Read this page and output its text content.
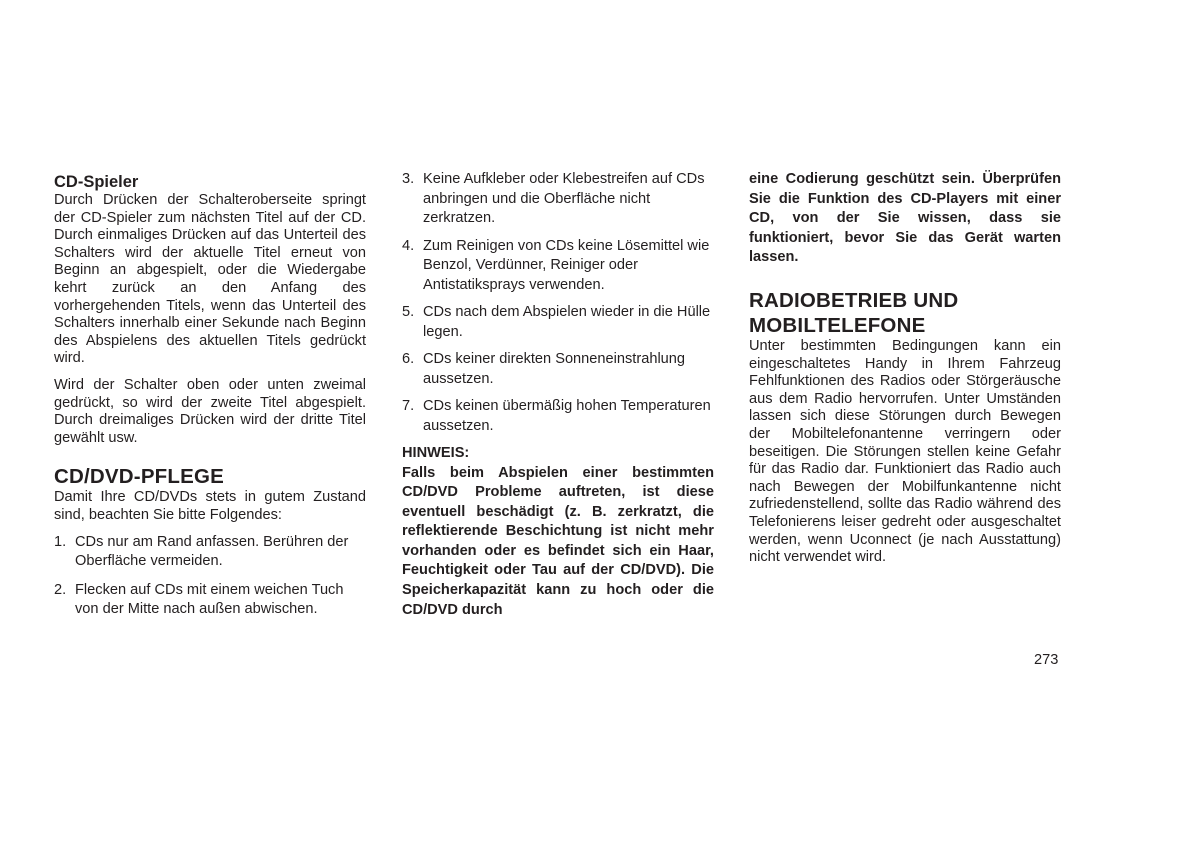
CD-Spieler

Durch Drücken der Schalteroberseite springt der CD-Spieler zum nächsten Titel auf der CD. Durch einmaliges Drücken auf das Unterteil des Schalters wird der aktuelle Titel erneut von Beginn an abgespielt, oder die Wiedergabe kehrt zurück an den Anfang des vorhergehenden Titels, wenn das Unterteil des Schalters innerhalb einer Sekunde nach Beginn des Abspielens des aktuellen Titels gedrückt wird.

Wird der Schalter oben oder unten zweimal gedrückt, so wird der zweite Titel abgespielt. Durch dreimaliges Drücken wird der dritte Titel gewählt usw.

CD/DVD-PFLEGE

Damit Ihre CD/DVDs stets in gutem Zustand sind, beachten Sie bitte Folgendes:

1. CDs nur am Rand anfassen. Berühren der Oberfläche vermeiden.
2. Flecken auf CDs mit einem weichen Tuch von der Mitte nach außen abwischen.
3. Keine Aufkleber oder Klebestreifen auf CDs anbringen und die Oberfläche nicht zerkratzen.
4. Zum Reinigen von CDs keine Lösemittel wie Benzol, Verdünner, Reiniger oder Antistatiksprays verwenden.
5. CDs nach dem Abspielen wieder in die Hülle legen.
6. CDs keiner direkten Sonneneinstrahlung aussetzen.
7. CDs keinen übermäßig hohen Temperaturen aussetzen.

HINWEIS:

Falls beim Abspielen einer bestimmten CD/DVD Probleme auftreten, ist diese eventuell beschädigt (z. B. zerkratzt, die reflektierende Beschichtung ist nicht mehr vorhanden oder es befindet sich ein Haar, Feuchtigkeit oder Tau auf der CD/DVD). Die Speicherkapazität kann zu hoch oder die CD/DVD durch

eine Codierung geschützt sein. Überprüfen Sie die Funktion des CD-Players mit einer CD, von der Sie wissen, dass sie funktioniert, bevor Sie das Gerät warten lassen.

RADIOBETRIEB UND MOBILTELEFONE

Unter bestimmten Bedingungen kann ein eingeschaltetes Handy in Ihrem Fahrzeug Fehlfunktionen des Radios oder Störgeräusche aus dem Radio hervorrufen. Unter Umständen lassen sich diese Störungen durch Bewegen der Mobiltelefonantenne verringern oder beseitigen. Die Störungen stellen keine Gefahr für das Radio dar. Funktioniert das Radio auch nach Bewegen der Mobilfunkantenne nicht zufriedenstellend, sollte das Radio während des Telefonierens leiser gedreht oder ausgeschaltet werden, wenn Uconnect (je nach Ausstattung) nicht verwendet wird.

273
